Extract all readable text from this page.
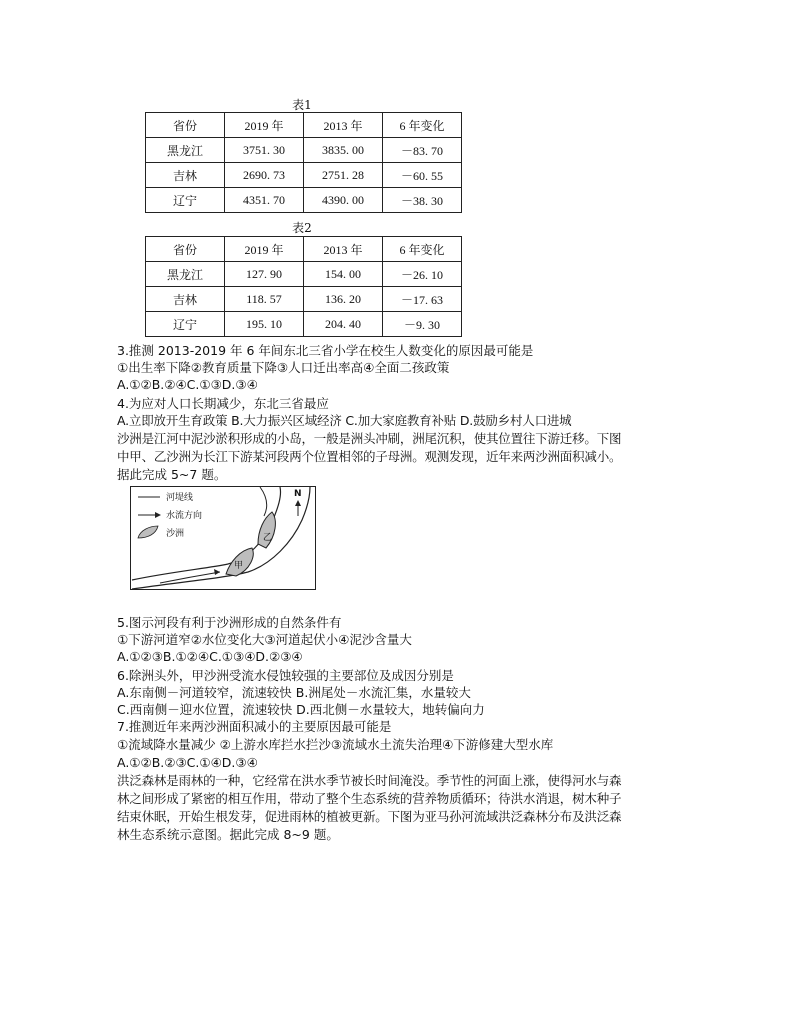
表1
省份	2019 年	2013 年	6 年变化
黑龙江	3751. 30	3835. 00	－83. 70
吉林	2690. 73	2751. 28	－60. 55
辽宁	4351. 70	4390. 00	－38. 30
表2
省份	2019 年	2013 年	6 年变化
黑龙江	127. 90	154. 00	－26. 10
吉林	118. 57	136. 20	－17. 63
辽宁	195. 10	204. 40	－9. 30
3.推测 2013-2019 年 6 年间东北三省小学在校生人数变化的原因最可能是
①出生率下降②教育质量下降③人口迁出率高④全面二孩政策
A.①②B.②④C.①③D.③④
4.为应对人口长期减少，东北三省最应
A.立即放开生育政策 B.大力振兴区域经济 C.加大家庭教育补贴 D.鼓励乡村人口进城
沙洲是江河中泥沙淤积形成的小岛，一般是洲头冲刷，洲尾沉积，使其位置往下游迁移。下图
中甲、乙沙洲为长江下游某河段两个位置相邻的子母洲。观测发现，近年来两沙洲面积减小。
据此完成 5~7 题。
河堤线
水流方向
沙洲
N
甲
乙
5.图示河段有利于沙洲形成的自然条件有
①下游河道窄②水位变化大③河道起伏小④泥沙含量大
A.①②③B.①②④C.①③④D.②③④
6.除洲头外，甲沙洲受流水侵蚀较强的主要部位及成因分别是
A.东南侧－河道较窄，流速较快 B.洲尾处－水流汇集，水量较大
C.西南侧－迎水位置，流速较快 D.西北侧－水量较大，地转偏向力
7.推测近年来两沙洲面积减小的主要原因最可能是
①流域降水量减少 ②上游水库拦水拦沙③流域水土流失治理④下游修建大型水库
A.①②B.②③C.①④D.③④
洪泛森林是雨林的一种，它经常在洪水季节被长时间淹没。季节性的河面上涨，使得河水与森
林之间形成了紧密的相互作用，带动了整个生态系统的营养物质循环；待洪水消退，树木种子
结束休眠，开始生根发芽，促进雨林的植被更新。下图为亚马孙河流域洪泛森林分布及洪泛森
林生态系统示意图。据此完成 8~9 题。
